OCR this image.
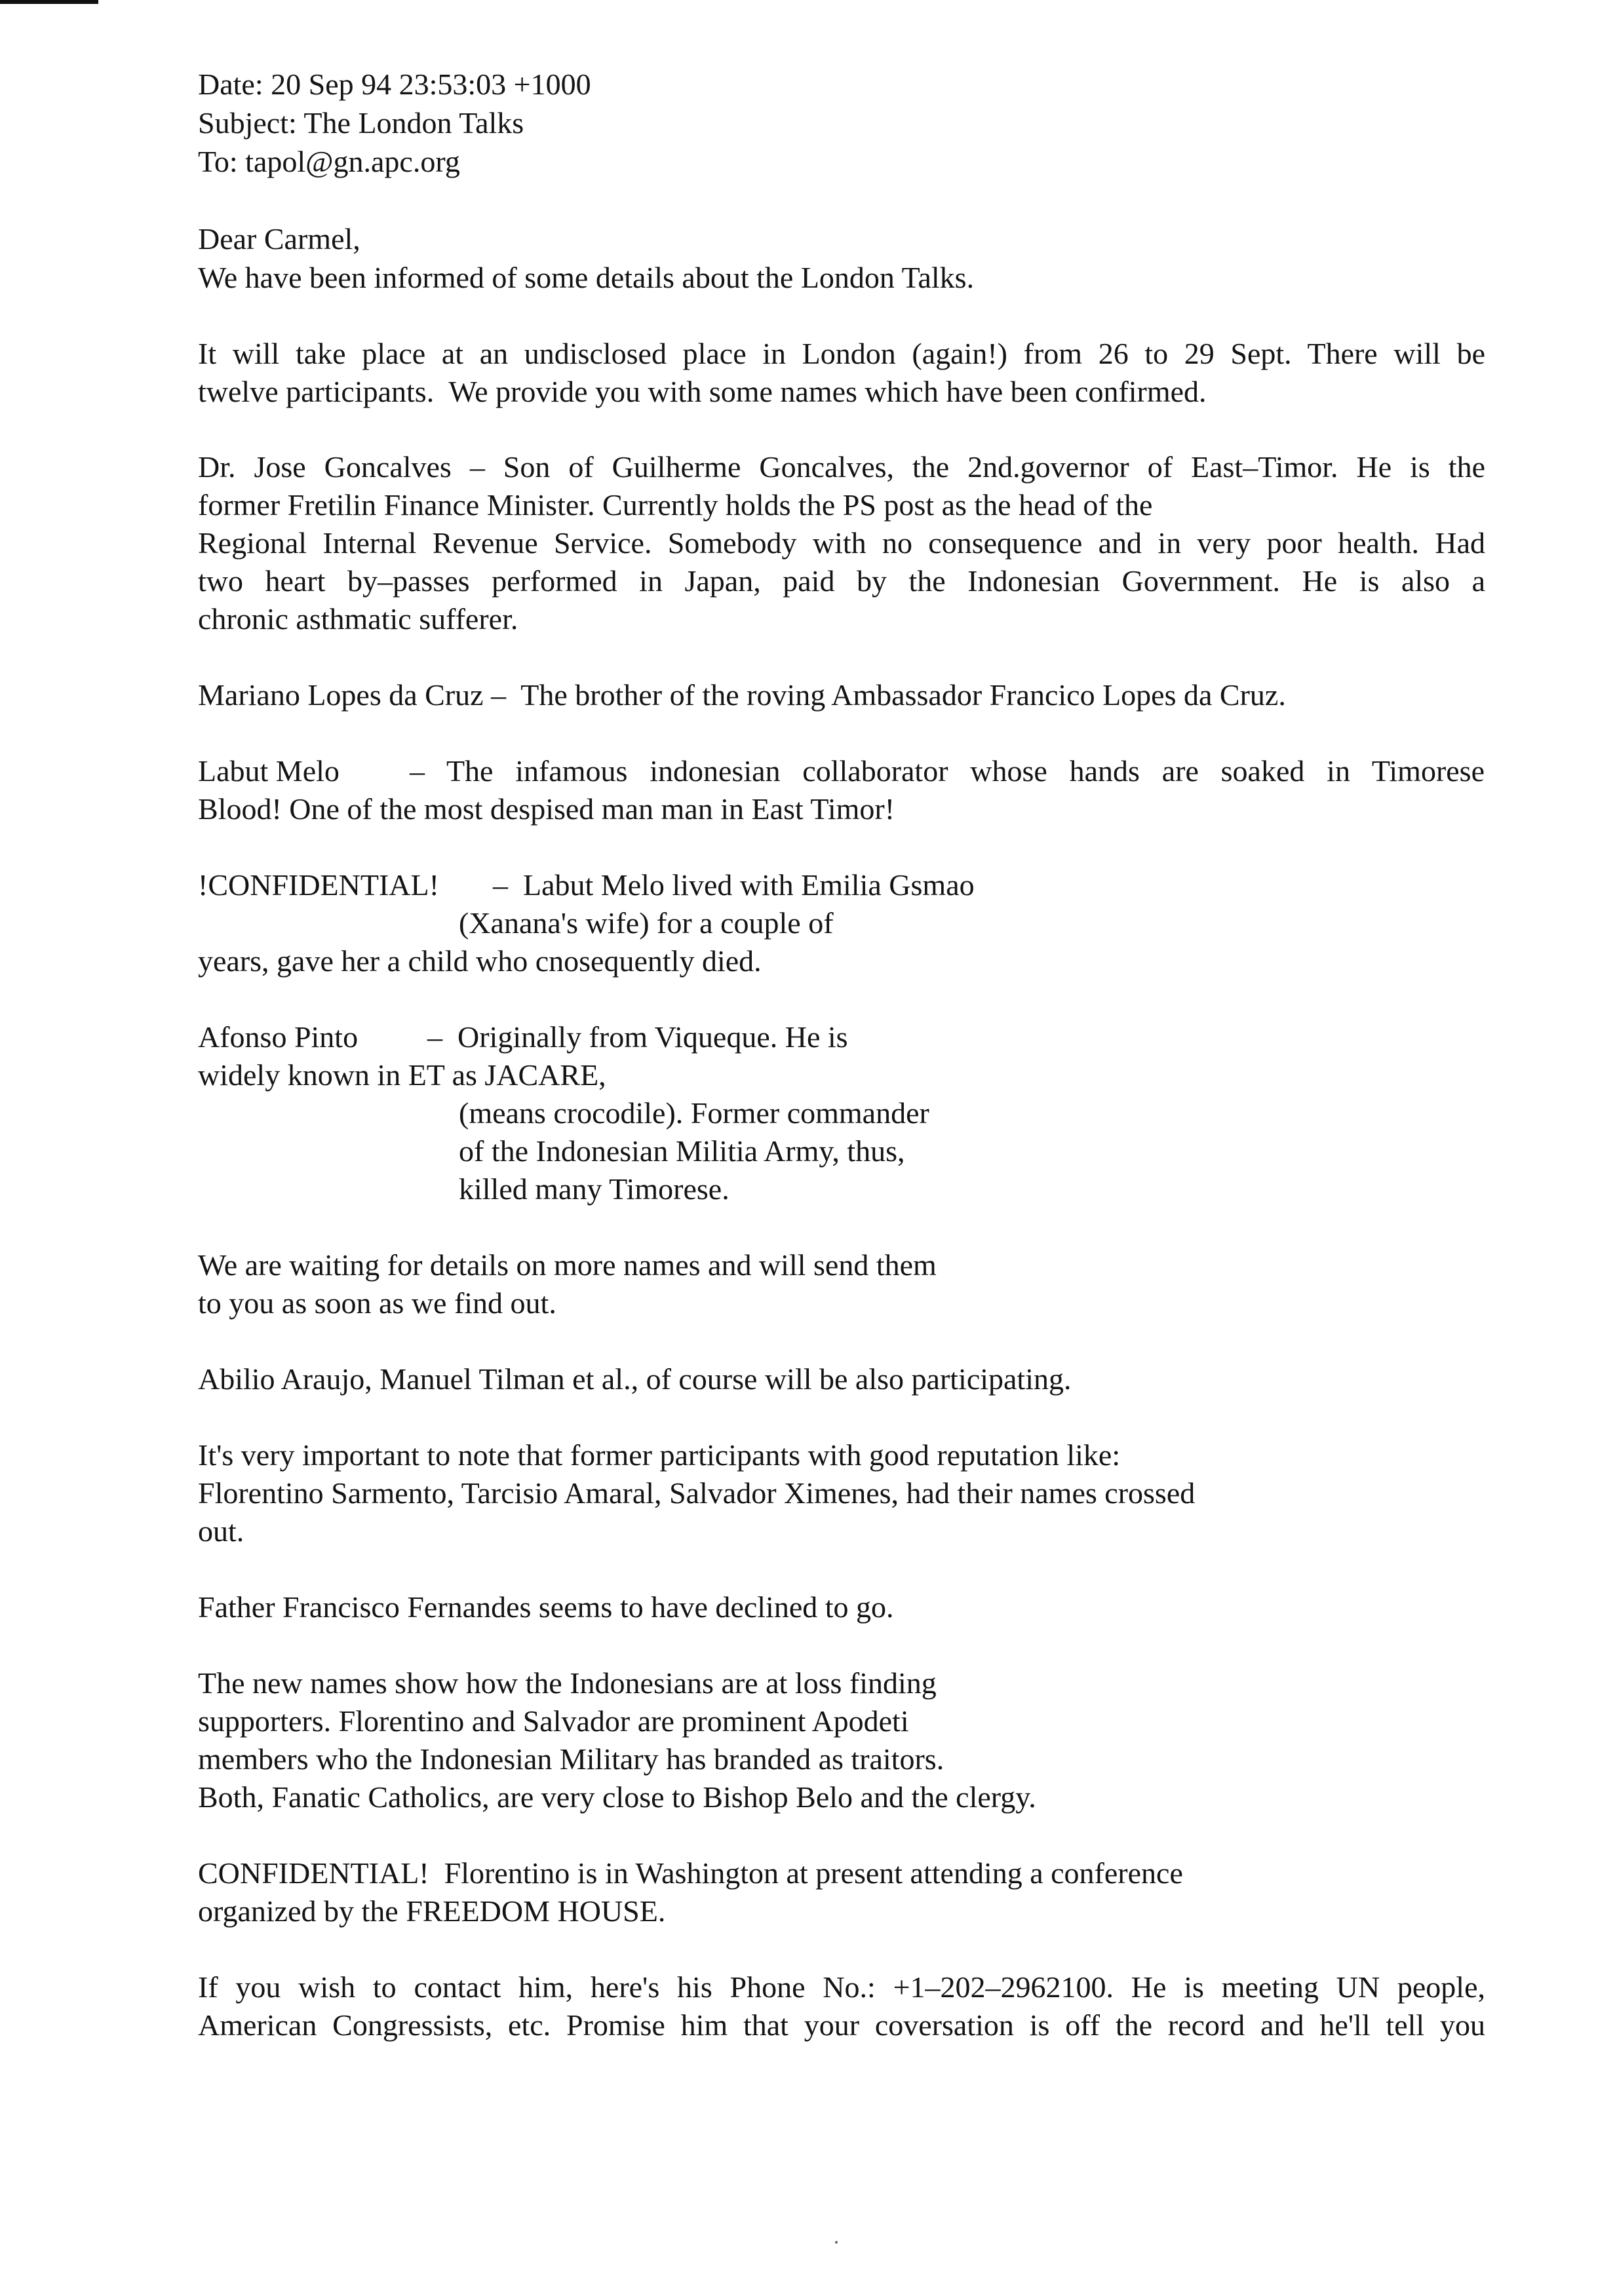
Date: 20 Sep 94 23:53:03 +1000
Subject: The London Talks
To: tapol@gn.apc.org
Dear Carmel,
We have been informed of some details about the London Talks.
It will take place at an undisclosed place in London (again!) from 26 to 29 Sept. There will be
twelve participants.  We provide you with some names which have been confirmed.
Dr. Jose Goncalves – Son of Guilherme Goncalves, the 2nd.governor of East–Timor. He is the
former Fretilin Finance Minister. Currently holds the PS post as the head of the
Regional Internal Revenue Service. Somebody with no consequence and in very poor health. Had
two heart by–passes performed in Japan, paid by the Indonesian Government. He is also a
chronic asthmatic sufferer.
Mariano Lopes da Cruz –  The brother of the roving Ambassador Francico Lopes da Cruz.
Labut Melo – The infamous indonesian collaborator whose hands are soaked in Timorese
Blood! One of the most despised man man in East Timor!
!CONFIDENTIAL! –  Labut Melo lived with Emilia Gsmao
(Xanana's wife) for a couple of
years, gave her a child who cnosequently died.
Afonso Pinto –  Originally from Viqueque. He is
widely known in ET as JACARE,
(means crocodile). Former commander
of the Indonesian Militia Army, thus,
killed many Timorese.
We are waiting for details on more names and will send them
to you as soon as we find out.
Abilio Araujo, Manuel Tilman et al., of course will be also participating.
It's very important to note that former participants with good reputation like:
Florentino Sarmento, Tarcisio Amaral, Salvador Ximenes, had their names crossed
out.
Father Francisco Fernandes seems to have declined to go.
The new names show how the Indonesians are at loss finding
supporters. Florentino and Salvador are prominent Apodeti
members who the Indonesian Military has branded as traitors.
Both, Fanatic Catholics, are very close to Bishop Belo and the clergy.
CONFIDENTIAL!  Florentino is in Washington at present attending a conference
organized by the FREEDOM HOUSE.
If you wish to contact him, here's his Phone No.: +1–202–2962100. He is meeting UN people,
American Congressists, etc. Promise him that your coversation is off the record and he'll tell you
